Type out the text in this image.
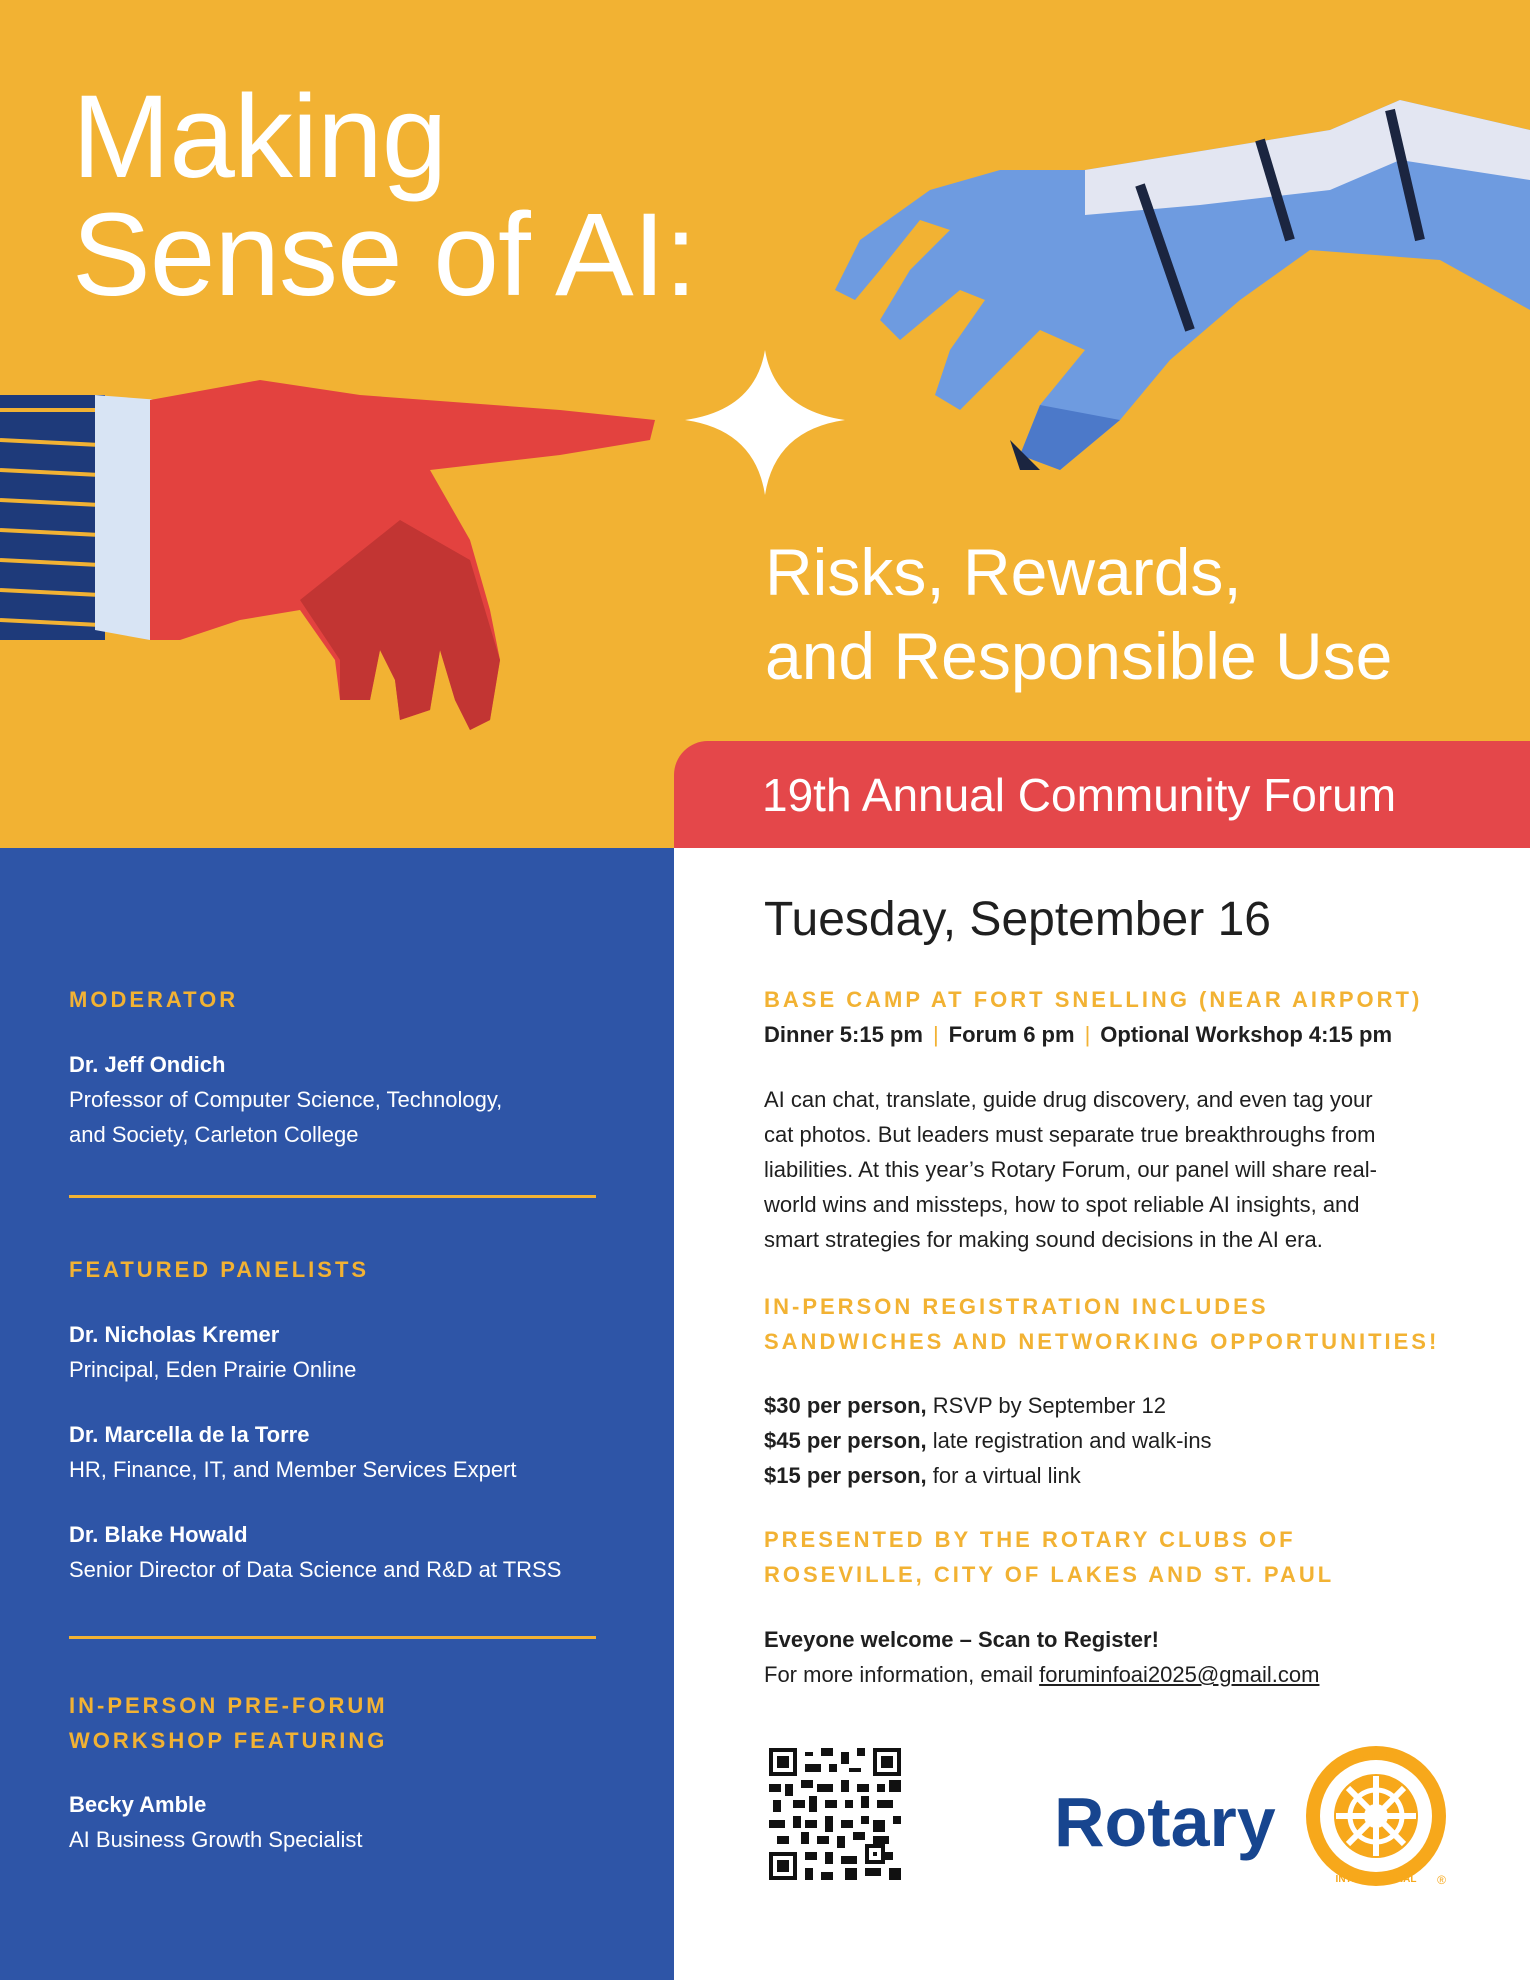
Making
Sense of AI:
Risks, Rewards,
and Responsible Use
19th Annual Community Forum
MODERATOR
Dr. Jeff Ondich
Professor of Computer Science, Technology,
and Society, Carleton College
FEATURED PANELISTS
Dr. Nicholas Kremer
Principal, Eden Prairie Online
Dr. Marcella de la Torre
HR, Finance, IT, and Member Services Expert
Dr. Blake Howald
Senior Director of Data Science and R&D at TRSS
IN-PERSON PRE-FORUM
WORKSHOP FEATURING
Becky Amble
AI Business Growth Specialist
Tuesday, September 16
BASE CAMP AT FORT SNELLING (NEAR AIRPORT)
Dinner 5:15 pm | Forum 6 pm | Optional Workshop 4:15 pm
AI can chat, translate, guide drug discovery, and even tag your
cat photos. But leaders must separate true breakthroughs from
liabilities. At this year’s Rotary Forum, our panel will share real-
world wins and missteps, how to spot reliable AI insights, and
smart strategies for making sound decisions in the AI era.
IN-PERSON REGISTRATION INCLUDES
SANDWICHES AND NETWORKING OPPORTUNITIES!
$30 per person, RSVP by September 12
$45 per person, late registration and walk-ins
$15 per person, for a virtual link
PRESENTED BY THE ROTARY CLUBS OF
ROSEVILLE, CITY OF LAKES AND ST. PAUL
Eveyone welcome – Scan to Register!
For more information, email foruminfoai2025@gmail.com
Rotary
ROTARY
INTERNATIONAL ®
